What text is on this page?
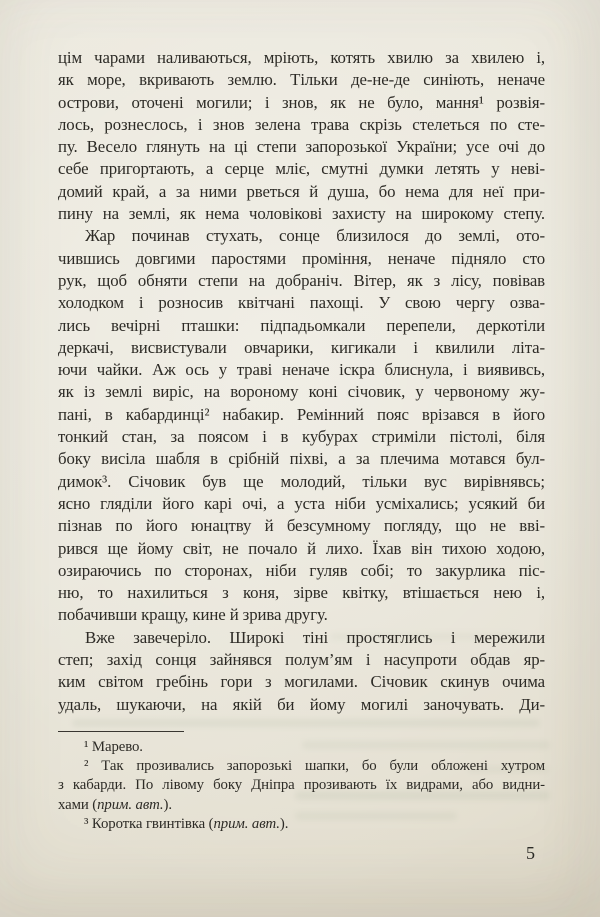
цім чарами наливаються, мріють, котять хвилю за хвилею і,
як море, вкривають землю. Тільки де-не-де синіють, неначе
острови, оточені могили; і знов, як не було, мання¹ розвія-
лось, рознеслось, і знов зелена трава скрізь стелеться по сте-
пу. Весело глянуть на ці степи запорозької України; усе очі до
себе пригортають, а серце мліє, смутні думки летять у неві-
домий край, а за ними рветься й душа, бо нема для неї при-
пину на землі, як нема чоловікові захисту на широкому степу.
Жар починав стухать, сонце близилося до землі, ото-
чившись довгими паростями проміння, неначе підняло сто
рук, щоб обняти степи на добраніч. Вітер, як з лісу, повівав
холодком і розносив квітчані пахощі. У свою чергу озва-
лись вечірні пташки: підпадьомкали перепели, деркотіли
деркачі, висвистували овчарики, кигикали і квилили літа-
ючи чайки. Аж ось у траві неначе іскра блиснула, і виявивсь,
як із землі виріс, на вороному коні січовик, у червоному жу-
пані, в кабардинці² набакир. Ремінний пояс врізався в його
тонкий стан, за поясом і в кубурах стриміли пістолі, біля
боку висіла шабля в срібній піхві, а за плечима мотався бул-
димок³. Січовик був ще молодий, тільки вус вирівнявсь;
ясно гляділи його карі очі, а уста ніби усміхались; усякий би
пізнав по його юнацтву й безсумному погляду, що не вві-
рився ще йому світ, не почало й лихо. Їхав він тихою ходою,
озираючись по сторонах, ніби гуляв собі; то закурлика піс-
ню, то нахилиться з коня, зірве квітку, втішається нею і,
побачивши кращу, кине й зрива другу.
Вже завечеріло. Широкі тіні простяглись і мережили
степ; захід сонця зайнявся полум’ям і насупроти обдав яр-
ким світом гребінь гори з могилами. Січовик скинув очима
удаль, шукаючи, на якій би йому могилі заночувать. Ди-
¹ Марево.
² Так прозивались запорозькі шапки, бо були обложені хутром
з кабарди. По лівому боку Дніпра прозивають їх видрами, або видни-
хами (прим. авт.).
³ Коротка гвинтівка (прим. авт.).
5
